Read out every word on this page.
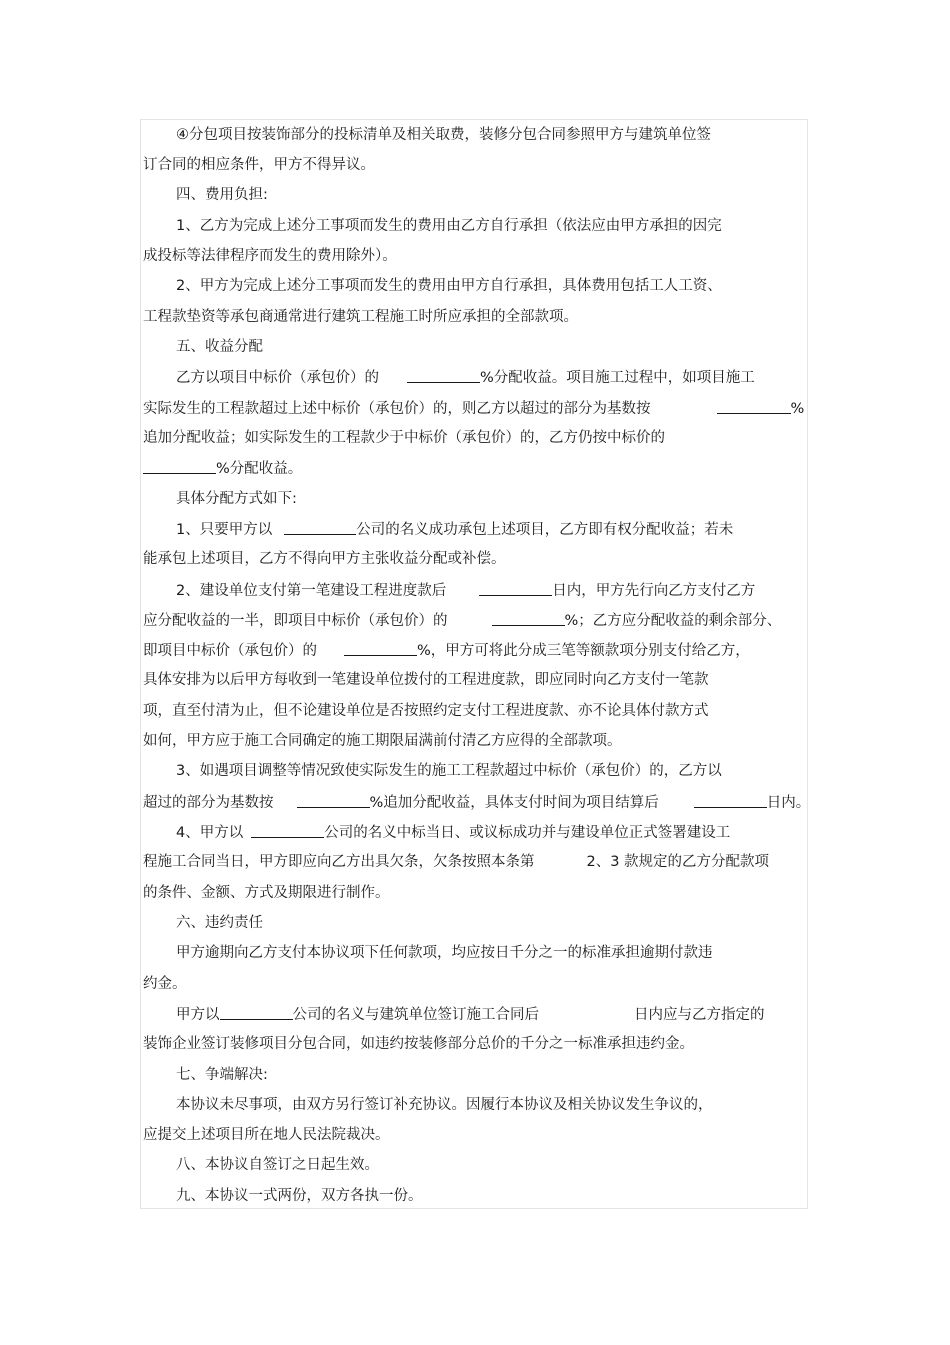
④分包项目按装饰部分的投标清单及相关取费，装修分包合同参照甲方与建筑单位签
订合同的相应条件，甲方不得异议。
四、费用负担:
1、乙方为完成上述分工事项而发生的费用由乙方自行承担（依法应由甲方承担的因完
成投标等法律程序而发生的费用除外）。
2、甲方为完成上述分工事项而发生的费用由甲方自行承担，具体费用包括工人工资、
工程款垫资等承包商通常进行建筑工程施工时所应承担的全部款项。
五、收益分配
乙方以项目中标价（承包价）的	%分配收益。项目施工过程中，如项目施工
实际发生的工程款超过上述中标价（承包价）的，则乙方以超过的部分为基数按	%
追加分配收益；如实际发生的工程款少于中标价（承包价）的，乙方仍按中标价的
%分配收益。
具体分配方式如下:
1、只要甲方以	公司的名义成功承包上述项目，乙方即有权分配收益；若未
能承包上述项目，乙方不得向甲方主张收益分配或补偿。
2、建设单位支付第一笔建设工程进度款后	日内，甲方先行向乙方支付乙方
应分配收益的一半，即项目中标价（承包价）的	%；乙方应分配收益的剩余部分、
即项目中标价（承包价）的	%，甲方可将此分成三笔等额款项分别支付给乙方，
具体安排为以后甲方每收到一笔建设单位拨付的工程进度款，即应同时向乙方支付一笔款
项，直至付清为止，但不论建设单位是否按照约定支付工程进度款、亦不论具体付款方式
如何，甲方应于施工合同确定的施工期限届满前付清乙方应得的全部款项。
3、如遇项目调整等情况致使实际发生的施工工程款超过中标价（承包价）的，乙方以
超过的部分为基数按	%追加分配收益，具体支付时间为项目结算后	日内。
4、甲方以	公司的名义中标当日、或议标成功并与建设单位正式签署建设工
程施工合同当日，甲方即应向乙方出具欠条，欠条按照本条第	2、3 款规定的乙方分配款项
的条件、金额、方式及期限进行制作。
六、违约责任
甲方逾期向乙方支付本协议项下任何款项，均应按日千分之一的标准承担逾期付款违
约金。
甲方以	公司的名义与建筑单位签订施工合同后	日内应与乙方指定的
装饰企业签订装修项目分包合同，如违约按装修部分总价的千分之一标准承担违约金。
七、争端解决:
本协议未尽事项，由双方另行签订补充协议。因履行本协议及相关协议发生争议的，
应提交上述项目所在地人民法院裁决。
八、本协议自签订之日起生效。
九、本协议一式两份，双方各执一份。
